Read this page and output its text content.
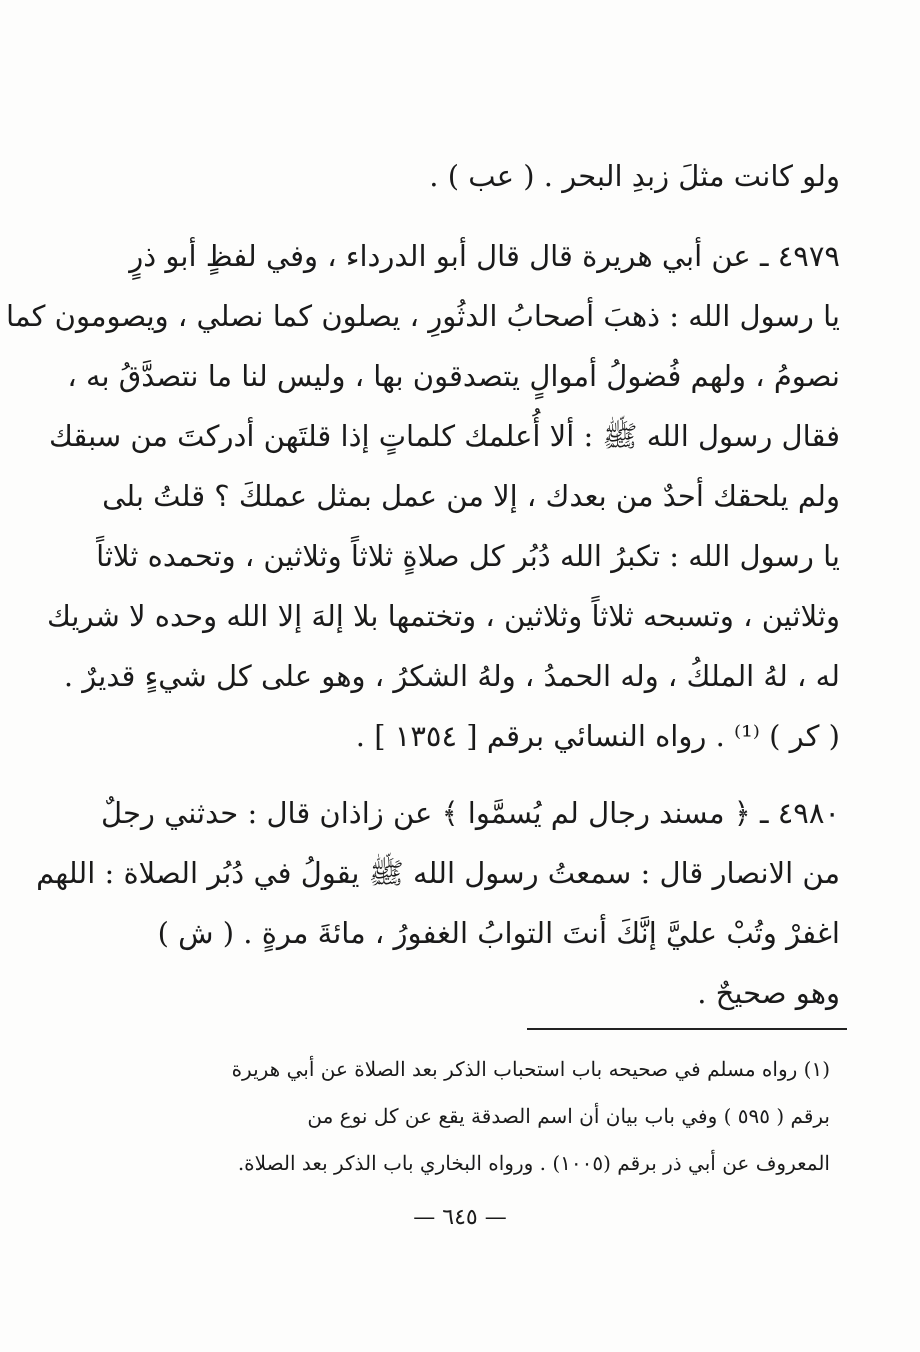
ولو كانت مثلَ زبدِ البحر . ( عب ) .
٤٩٧٩ ـ عن أبي هريرة قال قال أبو الدرداء ، وفي لفظٍ أبو ذرٍ
يا رسول الله : ذهبَ أصحابُ الدثُورِ ، يصلون كما نصلي ، ويصومون كما
نصومُ ، ولهم فُضولُ أموالٍ يتصدقون بها ، وليس لنا ما نتصدَّقُ به ،
فقال رسول الله ﷺ : ألا أُعلمك كلماتٍ إذا قلتَهن أدركتَ من سبقك
ولم يلحقك أحدٌ من بعدك ، إلا من عمل بمثل عملكَ ؟ قلتُ بلى
يا رسول الله : تكبرُ الله دُبُر كل صلاةٍ ثلاثاً وثلاثين ، وتحمده ثلاثاً
وثلاثين ، وتسبحه ثلاثاً وثلاثين ، وتختمها بلا إلهَ إلا الله وحده لا شريك
له ، لهُ الملكُ ، وله الحمدُ ، ولهُ الشكرُ ، وهو على كل شيءٍ قديرٌ .
( كر ) ⁽¹⁾ . رواه النسائي برقم [ ١٣٥٤ ] .
٤٩٨٠ ـ ﴿ مسند رجال لم يُسمَّوا ﴾ عن زاذان قال : حدثني رجلٌ
من الانصار قال : سمعتُ رسول الله ﷺ يقولُ في دُبُر الصلاة : اللهم
اغفرْ وتُبْ عليَّ إنَّكَ أنتَ التوابُ الغفورُ ، مائةَ مرةٍ . ( ش )
وهو صحيحٌ .
(١) رواه مسلم في صحيحه باب استحباب الذكر بعد الصلاة عن أبي هريرة
برقم ( ٥٩٥ ) وفي باب بيان أن اسم الصدقة يقع عن كل نوع من
المعروف عن أبي ذر برقم (١٠٠٥) . ورواه البخاري باب الذكر بعد الصلاة.
— ٦٤٥ —
